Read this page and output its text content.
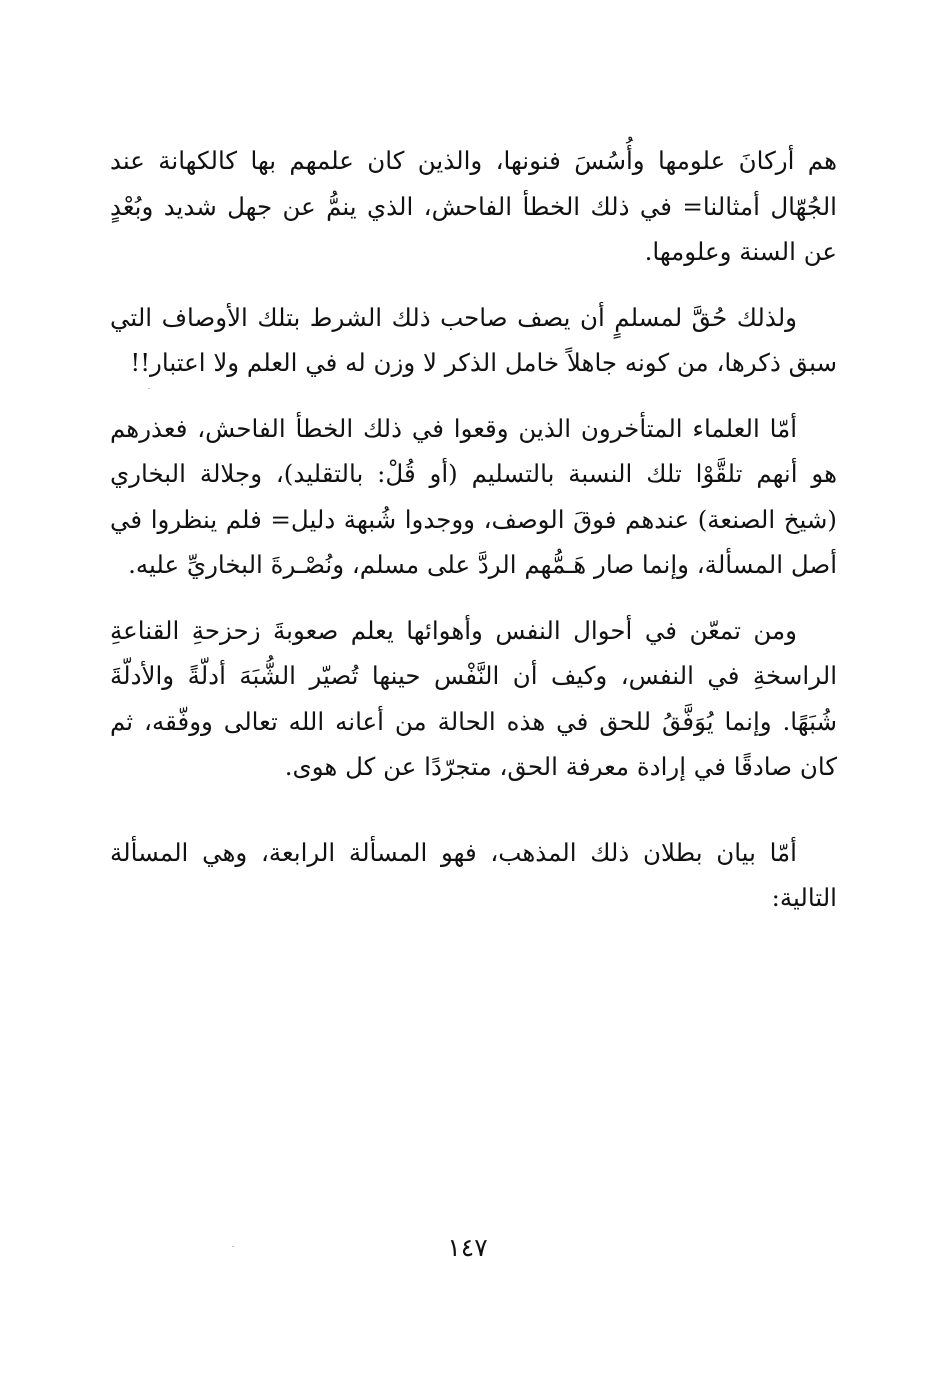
هم أركانَ علومها وأُسُسَ فنونها، والذين كان علمهم بها كالكهانة عند الجُهّال أمثالنا= في ذلك الخطأ الفاحش، الذي ينمُّ عن جهل شديد وبُعْدٍ عن السنة وعلومها.

ولذلك حُقَّ لمسلمٍ أن يصف صاحب ذلك الشرط بتلك الأوصاف التي سبق ذكرها، من كونه جاهلاً خامل الذكر لا وزن له في العلم ولا اعتبار!!

أمّا العلماء المتأخرون الذين وقعوا في ذلك الخطأ الفاحش، فعذرهم هو أنهم تلقَّوْا تلك النسبة بالتسليم (أو قُلْ: بالتقليد)، وجلالة البخاري (شيخ الصنعة) عندهم فوقَ الوصف، ووجدوا شُبهة دليل= فلم ينظروا في أصل المسألة، وإنما صار هَـمُّهم الردَّ على مسلم، ونُصْـرةَ البخاريِّ عليه.

ومن تمعّن في أحوال النفس وأهوائها يعلم صعوبةَ زحزحةِ القناعةِ الراسخةِ في النفس، وكيف أن النَّفْس حينها تُصيّر الشُّبَهَ أدلّةً والأدلّةَ شُبَهًا. وإنما يُوَفَّقُ للحق في هذه الحالة من أعانه الله تعالى ووفّقه، ثم كان صادقًا في إرادة معرفة الحق، متجرّدًا عن كل هوى.

أمّا بيان بطلان ذلك المذهب، فهو المسألة الرابعة، وهي المسألة التالية:

١٤٧
